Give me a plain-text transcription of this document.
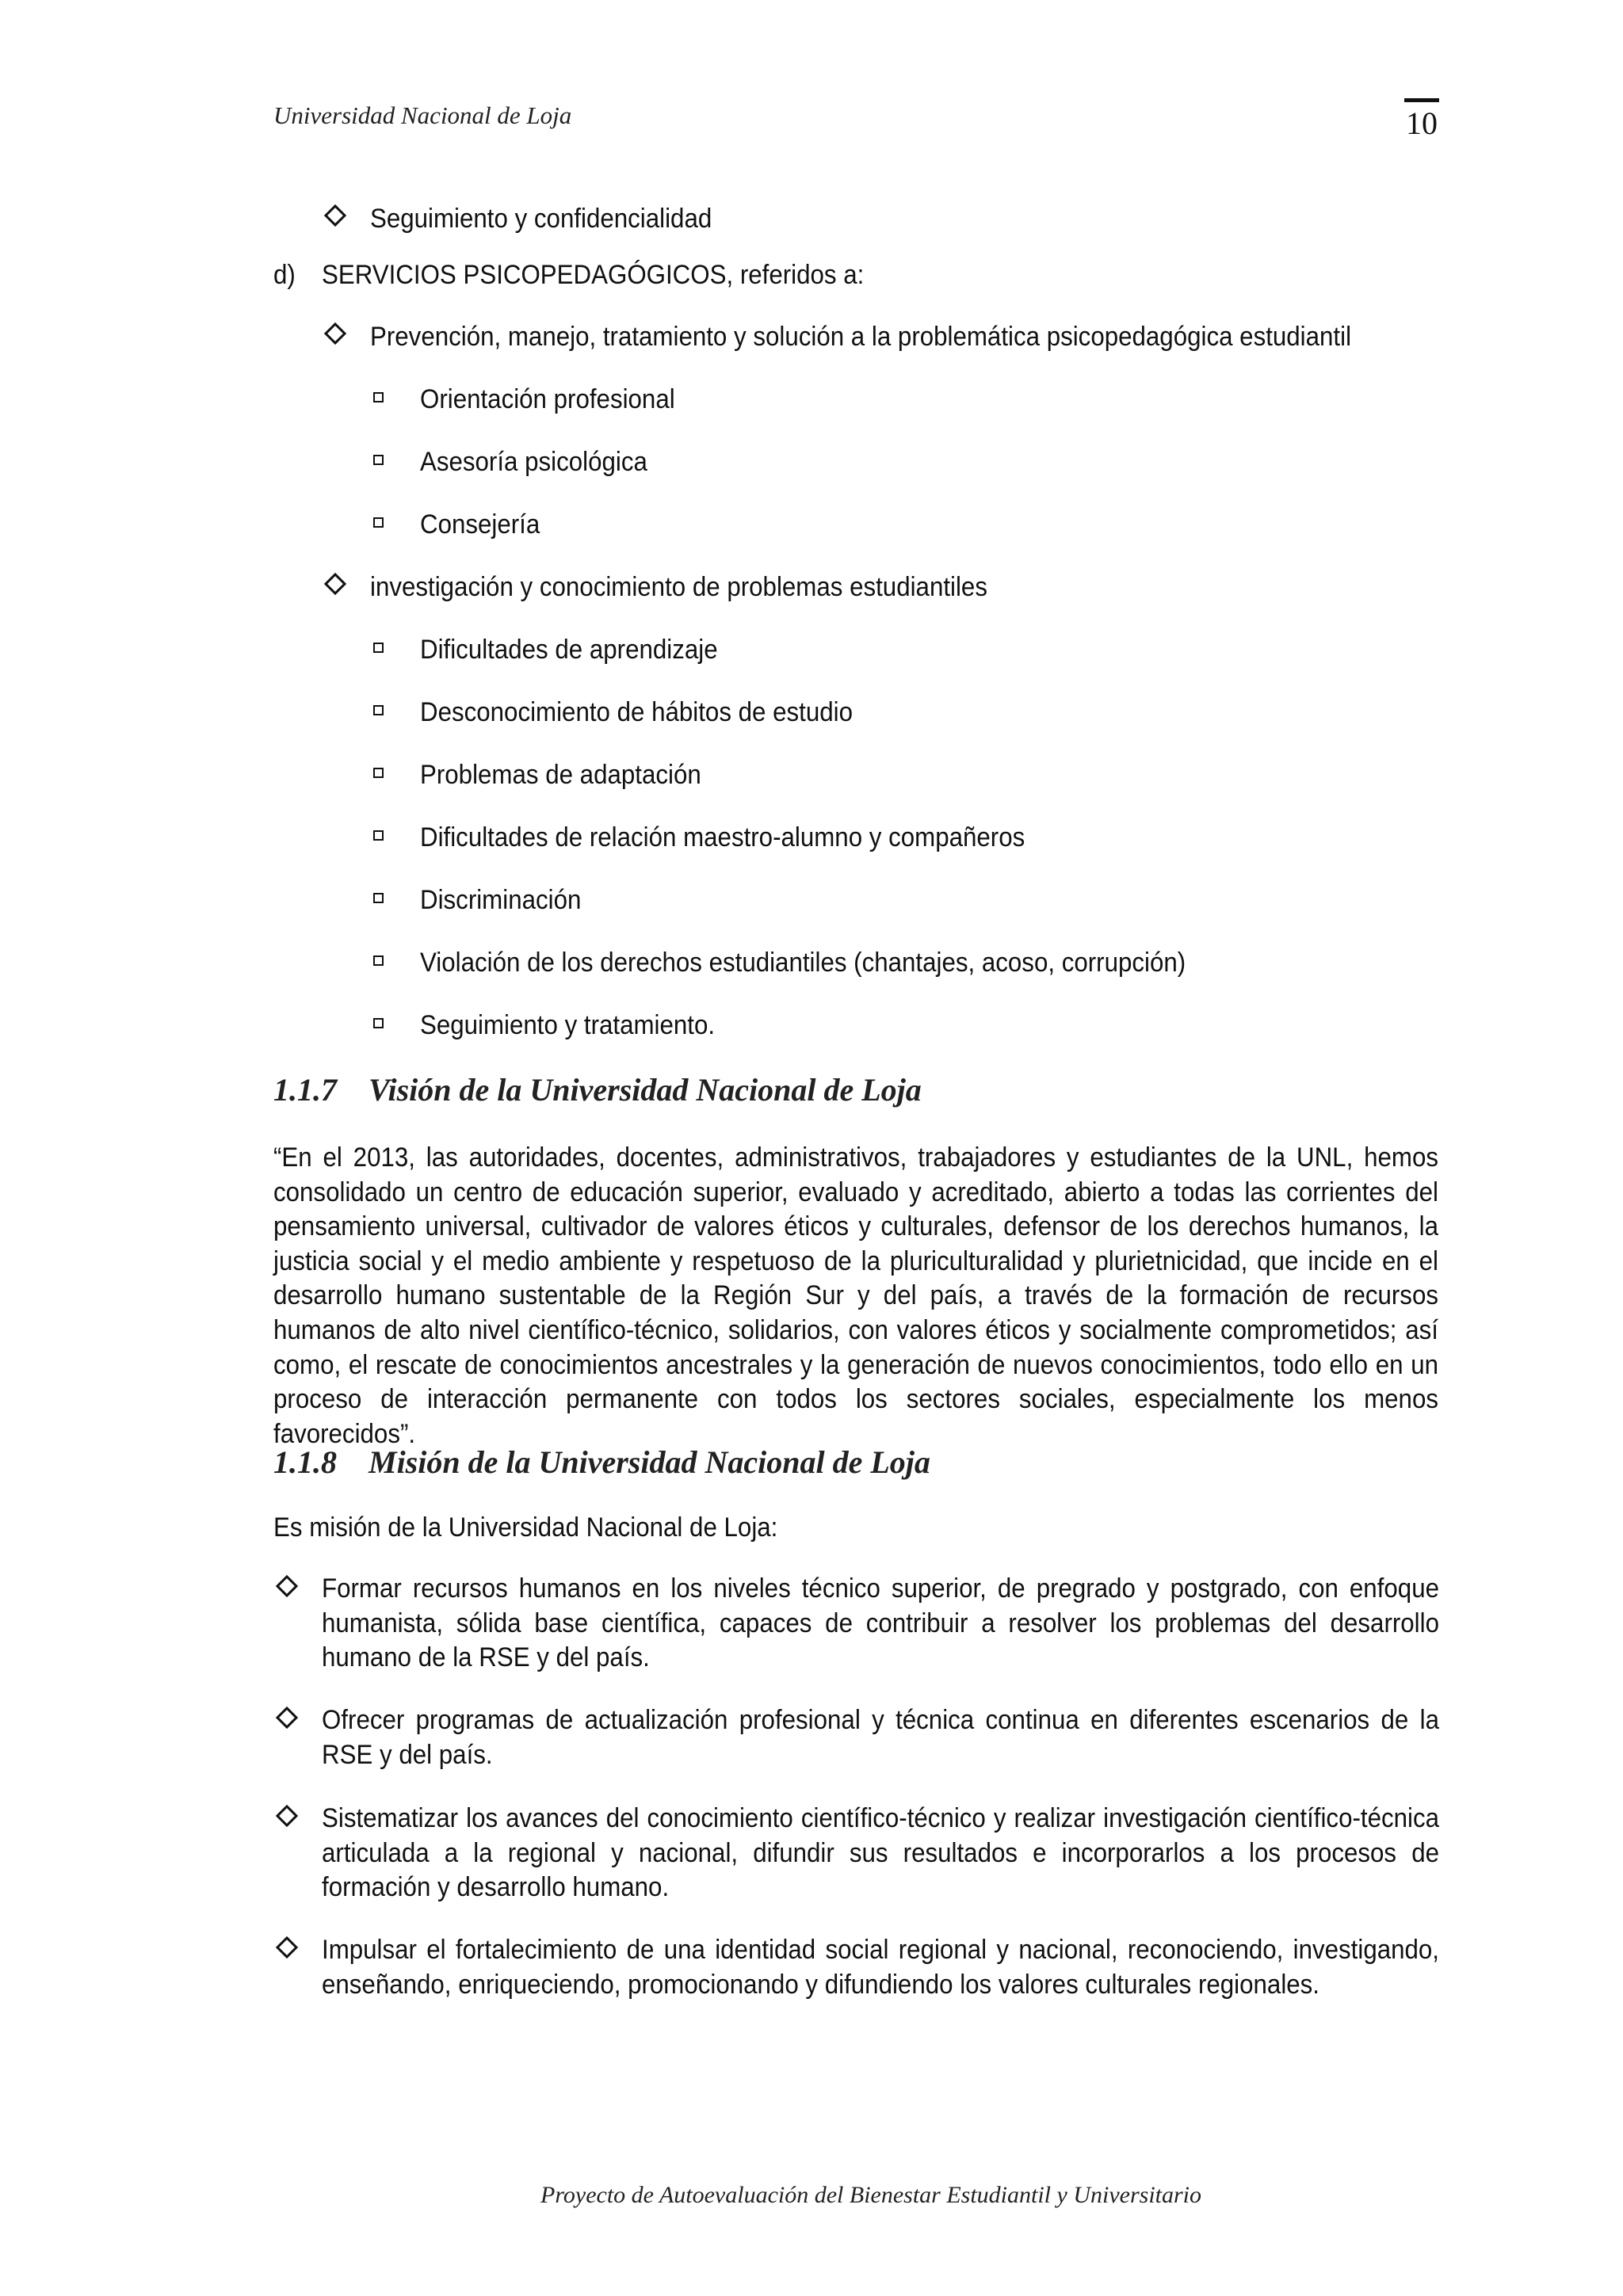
Universidad Nacional de Loja	10
Seguimiento y confidencialidad
d) SERVICIOS PSICOPEDAGÓGICOS, referidos a:
Prevención, manejo, tratamiento y solución a la problemática psicopedagógica estudiantil
Orientación profesional
Asesoría psicológica
Consejería
investigación y conocimiento de problemas estudiantiles
Dificultades de aprendizaje
Desconocimiento de hábitos de estudio
Problemas de adaptación
Dificultades de relación maestro-alumno y compañeros
Discriminación
Violación de los derechos estudiantiles (chantajes, acoso, corrupción)
Seguimiento y tratamiento.
1.1.7 Visión de la Universidad Nacional de Loja
“En el 2013, las autoridades, docentes, administrativos, trabajadores y estudiantes de la UNL, hemos consolidado un centro de educación superior, evaluado y acreditado, abierto a todas las corrientes del pensamiento universal, cultivador de valores éticos y culturales, defensor de los derechos humanos, la justicia social y el medio ambiente y respetuoso de la pluriculturalidad y plurietnicidad, que incide en el desarrollo humano sustentable de la Región Sur y del país, a través de la formación de recursos humanos de alto nivel científico-técnico, solidarios, con valores éticos y socialmente comprometidos; así como, el rescate de conocimientos ancestrales y la generación de nuevos conocimientos, todo ello en un proceso de interacción permanente con todos los sectores sociales, especialmente los menos favorecidos”.
1.1.8 Misión de la Universidad Nacional de Loja
Es misión de la Universidad Nacional de Loja:
Formar recursos humanos en los niveles técnico superior, de pregrado y postgrado, con enfoque humanista, sólida base científica, capaces de contribuir a resolver los problemas del desarrollo humano de la RSE y del país.
Ofrecer programas de actualización profesional y técnica continua en diferentes escenarios de la RSE y del país.
Sistematizar los avances del conocimiento científico-técnico y realizar investigación científico-técnica articulada a la regional y nacional, difundir sus resultados e incorporarlos a los procesos de formación y desarrollo humano.
Impulsar el fortalecimiento de una identidad social regional y nacional, reconociendo, investigando, enseñando, enriqueciendo, promocionando y difundiendo los valores culturales regionales.
Proyecto de Autoevaluación del Bienestar Estudiantil y Universitario
